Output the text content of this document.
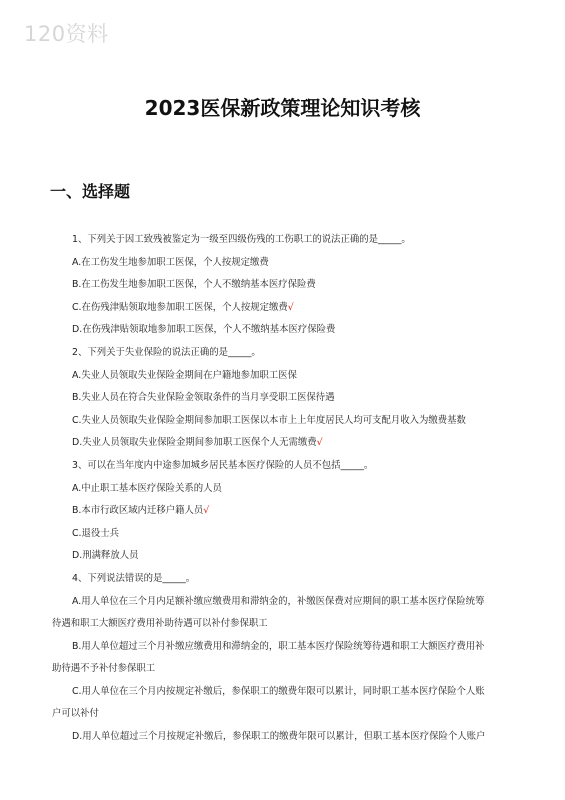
120资料
2023医保新政策理论知识考核
一、选择题
1、下列关于因工致残被鉴定为一级至四级伤残的工伤职工的说法正确的是_____。
A.在工伤发生地参加职工医保，个人按规定缴费
B.在工伤发生地参加职工医保，个人不缴纳基本医疗保险费
C.在伤残津贴领取地参加职工医保，个人按规定缴费√
D.在伤残津贴领取地参加职工医保，个人不缴纳基本医疗保险费
2、下列关于失业保险的说法正确的是_____。
A.失业人员领取失业保险金期间在户籍地参加职工医保
B.失业人员在符合失业保险金领取条件的当月享受职工医保待遇
C.失业人员领取失业保险金期间参加职工医保以本市上上年度居民人均可支配月收入为缴费基数
D.失业人员领取失业保险金期间参加职工医保个人无需缴费√
3、可以在当年度内中途参加城乡居民基本医疗保险的人员不包括_____。
A.中止职工基本医疗保险关系的人员
B.本市行政区域内迁移户籍人员√
C.退役士兵
D.刑满释放人员
4、下列说法错误的是_____。
A.用人单位在三个月内足额补缴应缴费用和滞纳金的，补缴医保费对应期间的职工基本医疗保险统筹
待遇和职工大额医疗费用补助待遇可以补付参保职工
B.用人单位超过三个月补缴应缴费用和滞纳金的，职工基本医疗保险统筹待遇和职工大额医疗费用补
助待遇不予补付参保职工
C.用人单位在三个月内按规定补缴后，参保职工的缴费年限可以累计，同时职工基本医疗保险个人账
户可以补付
D.用人单位超过三个月按规定补缴后，参保职工的缴费年限可以累计，但职工基本医疗保险个人账户
